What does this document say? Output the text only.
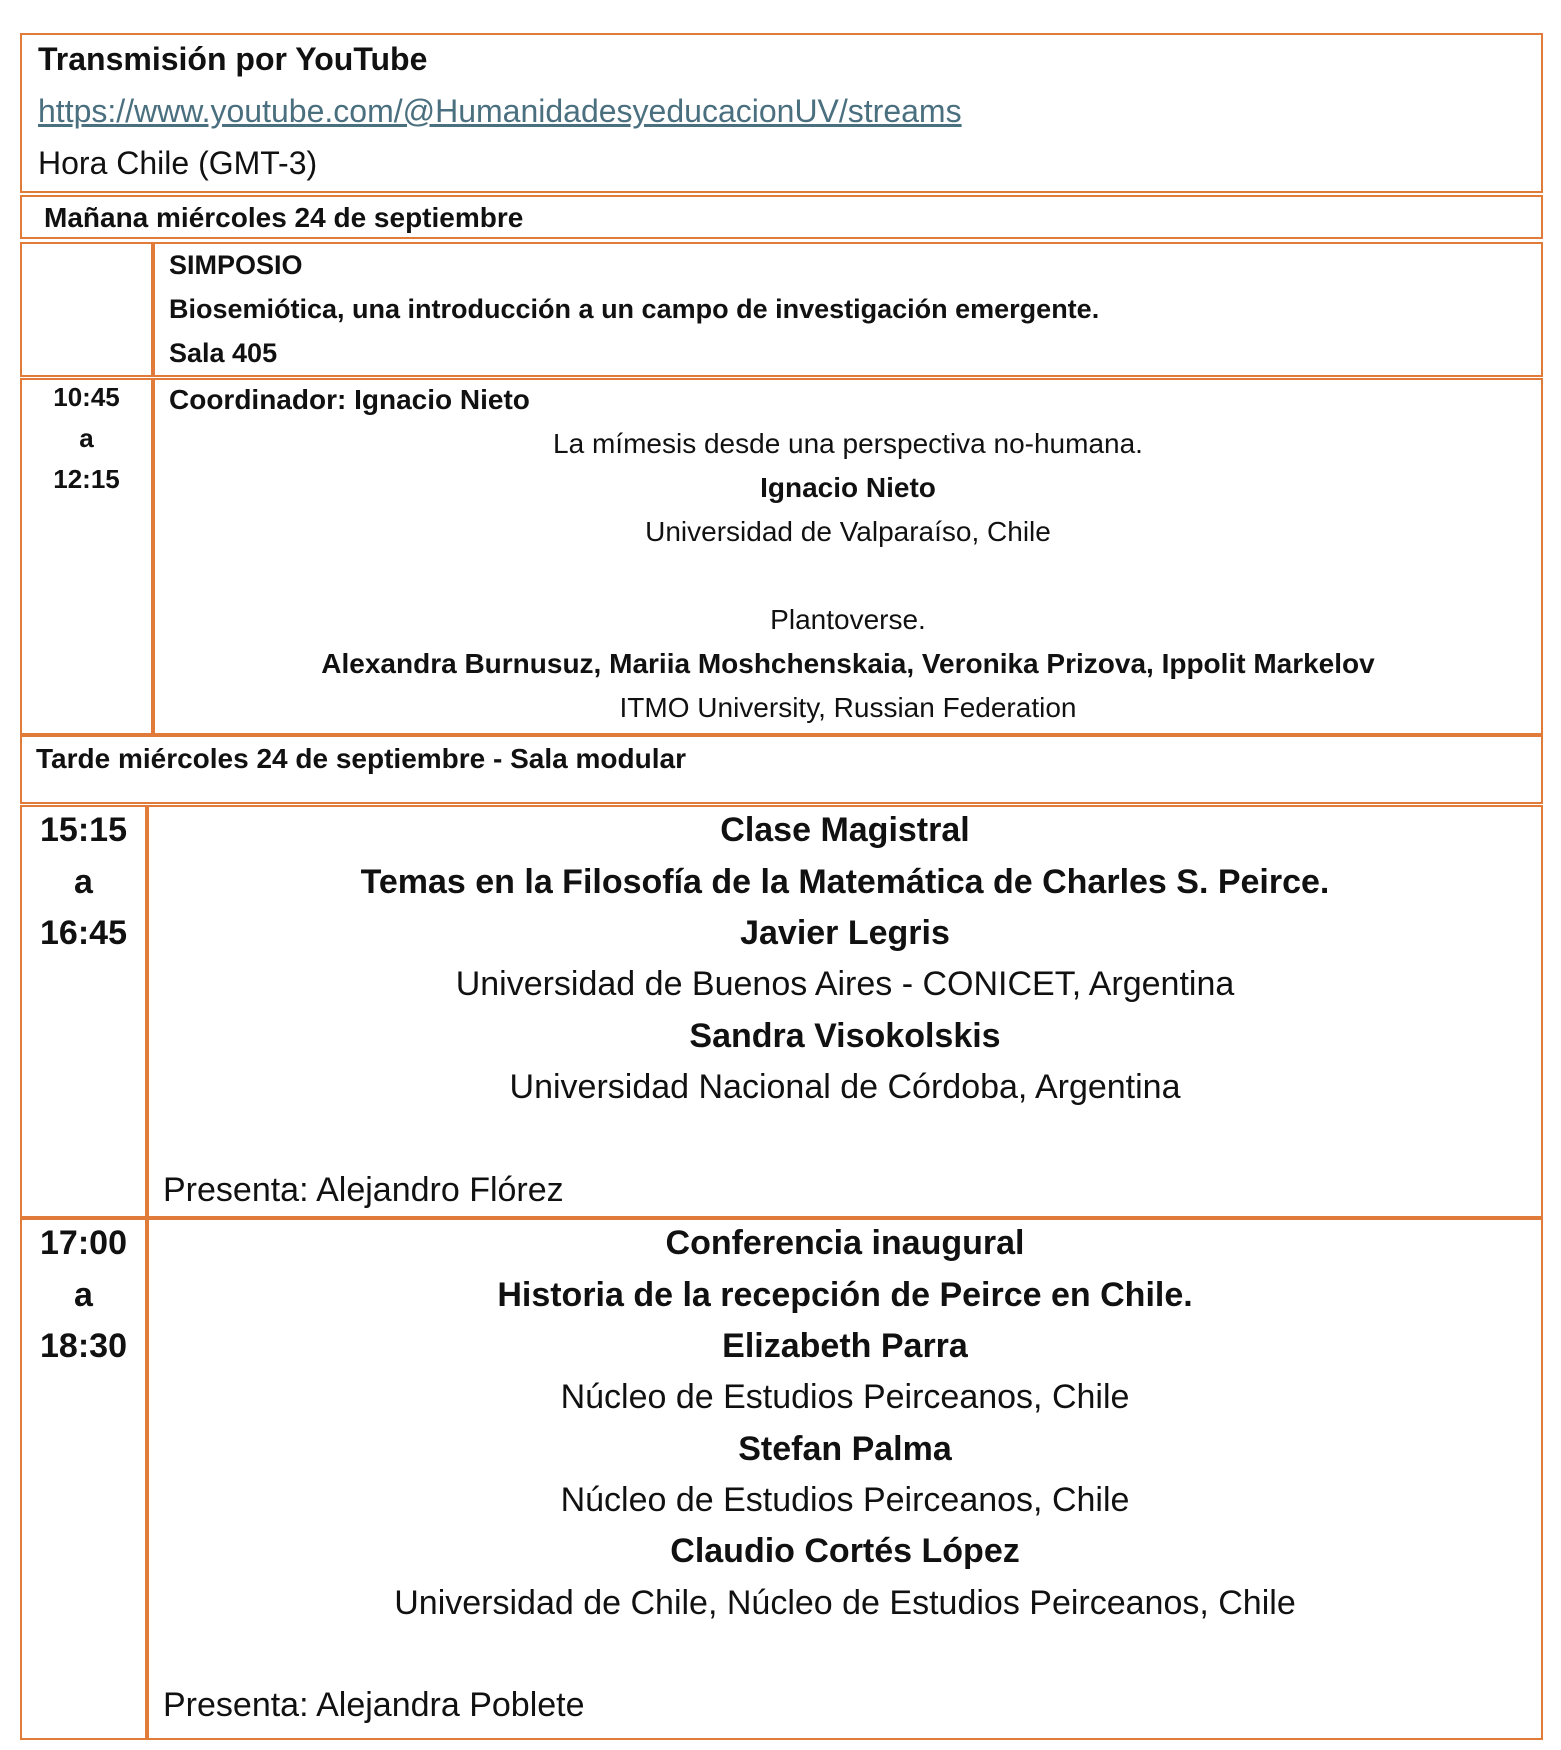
Transmisión por YouTube
https://www.youtube.com/@HumanidadesyeducacionUV/streams
Hora Chile (GMT-3)
Mañana miércoles 24 de septiembre
SIMPOSIO
Biosemiótica, una introducción a un campo de investigación emergente.
Sala 405
10:45
a
12:15
Coordinador: Ignacio Nieto
La mímesis desde una perspectiva no-humana.
Ignacio Nieto
Universidad de Valparaíso, Chile
Plantoverse.
Alexandra Burnusuz, Mariia Moshchenskaia, Veronika Prizova, Ippolit Markelov
ITMO University, Russian Federation
Tarde miércoles 24 de septiembre - Sala modular
15:15
a
16:45
Clase Magistral
Temas en la Filosofía de la Matemática de Charles S. Peirce.
Javier Legris
Universidad de Buenos Aires - CONICET, Argentina
Sandra Visokolskis
Universidad Nacional de Córdoba, Argentina
Presenta: Alejandro Flórez
17:00
a
18:30
Conferencia inaugural
Historia de la recepción de Peirce en Chile.
Elizabeth Parra
Núcleo de Estudios Peirceanos, Chile
Stefan Palma
Núcleo de Estudios Peirceanos, Chile
Claudio Cortés López
Universidad de Chile, Núcleo de Estudios Peirceanos, Chile
Presenta: Alejandra Poblete
